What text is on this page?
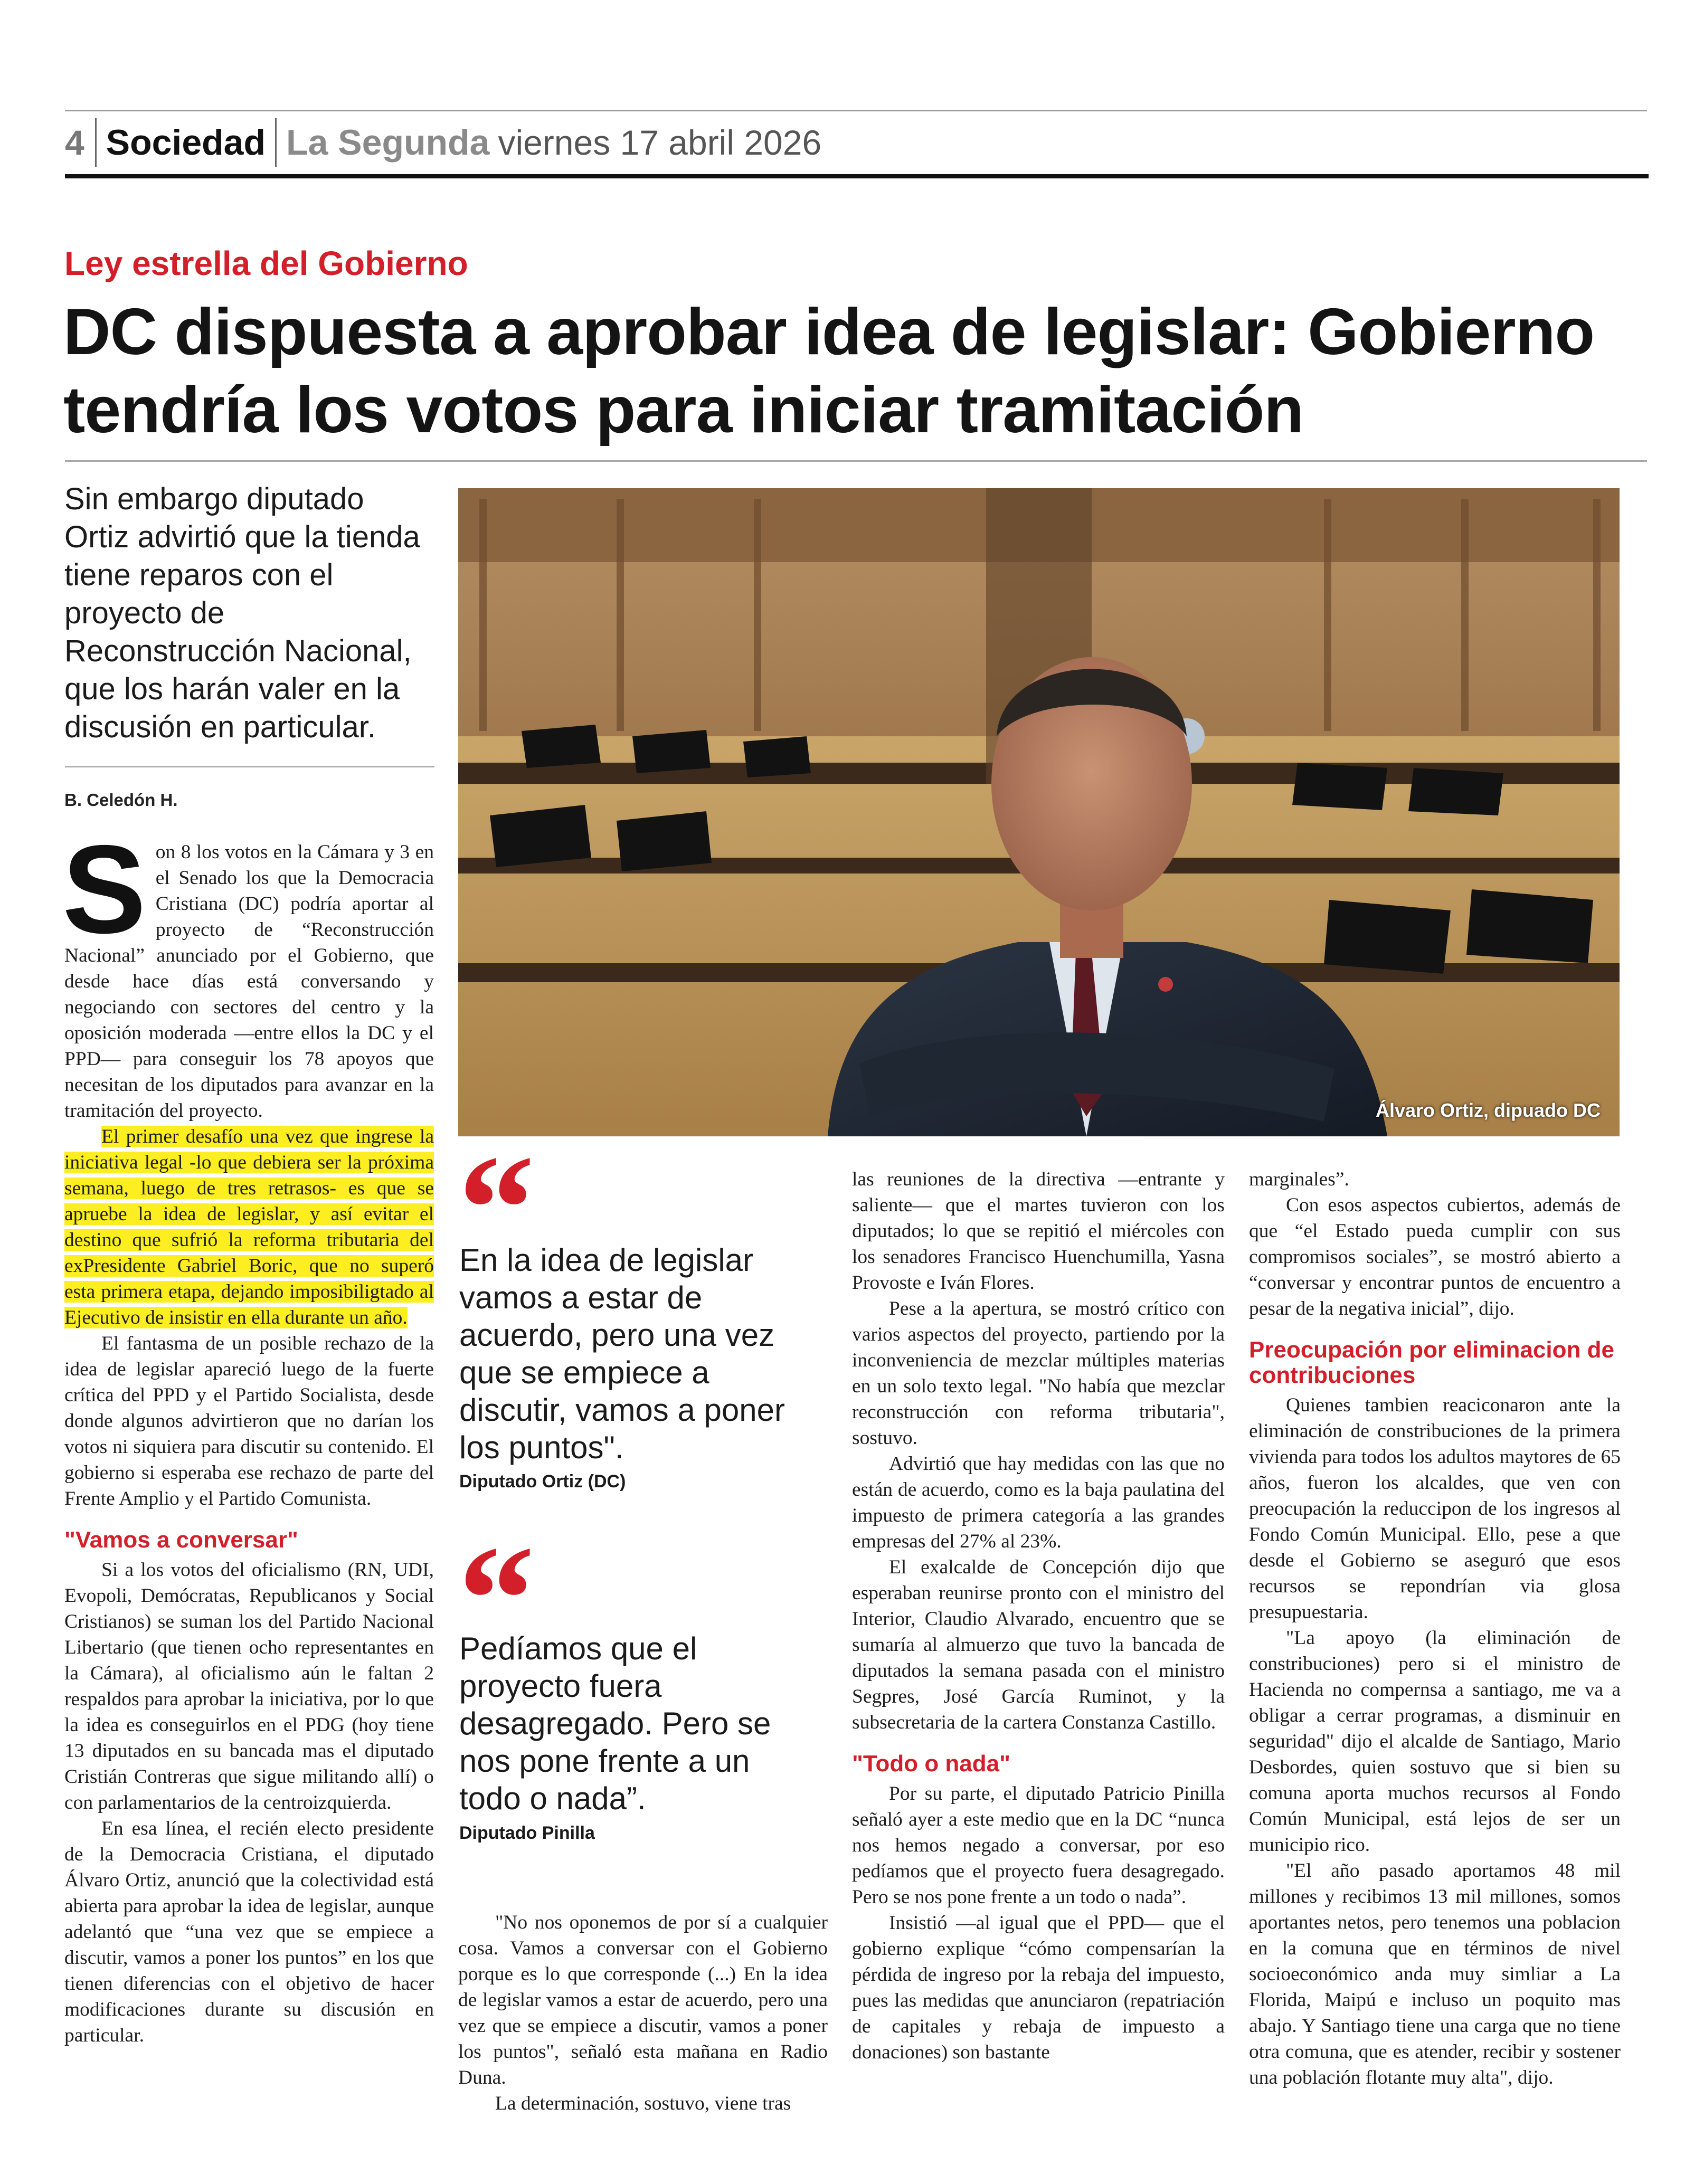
4 Sociedad La Segunda viernes 17 abril 2026
Ley estrella del Gobierno
DC dispuesta a aprobar idea de legislar: Gobierno tendría los votos para iniciar tramitación

Sin embargo diputado Ortiz advirtió que la tienda tiene reparos con el proyecto de Reconstrucción Nacional, que los harán valer en la discusión en particular.

B. Celedón H.
Álvaro Ortiz, dipuado DC
S on 8 los votos en la Cámara y 3 en el Senado los que la Democracia Cristiana (DC) podría aportar al proyecto de “Reconstrucción Nacional” anunciado por el Gobierno, que desde hace días está conversando y negociando con sectores del centro y la oposición moderada —entre ellos la DC y el PPD— para conseguir los 78 apoyos que necesitan de los diputados para avanzar en la tramitación del proyecto.

El primer desafío una vez que ingrese la iniciativa legal -lo que debiera ser la próxima semana, luego de tres retrasos- es que se apruebe la idea de legislar, y así evitar el destino que sufrió la reforma tributaria del exPresidente Gabriel Boric, que no superó esta primera etapa, dejando imposibiligtado al Ejecutivo de insistir en ella durante un año.

El fantasma de un posible rechazo de la idea de legislar apareció luego de la fuerte crítica del PPD y el Partido Socialista, desde donde algunos advirtieron que no darían los votos ni siquiera para discutir su contenido. El gobierno si esperaba ese rechazo de parte del Frente Amplio y el Partido Comunista.

"Vamos a conversar"

Si a los votos del oficialismo (RN, UDI, Evopoli, Demócratas, Republicanos y Social Cristianos) se suman los del Partido Nacional Libertario (que tienen ocho representantes en la Cámara), al oficialismo aún le faltan 2 respaldos para aprobar la iniciativa, por lo que la idea es conseguirlos en el PDG (hoy tiene 13 diputados en su bancada mas el diputado Cristián Contreras que sigue militando allí) o con parlamentarios de la centroizquierda.

En esa línea, el recién electo presidente de la Democracia Cristiana, el diputado Álvaro Ortiz, anunció que la colectividad está abierta para aprobar la idea de legislar, aunque adelantó que “una vez que se empiece a discutir, vamos a poner los puntos” en los que tienen diferencias con el objetivo de hacer modificaciones durante su discusión en particular.

En la idea de legislar vamos a estar de acuerdo, pero una vez que se empiece a discutir, vamos a poner los puntos".

Diputado Ortiz (DC)

Pedíamos que el proyecto fuera desagregado. Pero se nos pone frente a un todo o nada”.

Diputado Pinilla

"No nos oponemos de por sí a cualquier cosa. Vamos a conversar con el Gobierno porque es lo que corresponde (...) En la idea de legislar vamos a estar de acuerdo, pero una vez que se empiece a discutir, vamos a poner los puntos", señaló esta mañana en Radio Duna.

La determinación, sostuvo, viene tras

las reuniones de la directiva —entrante y saliente— que el martes tuvieron con los diputados; lo que se repitió el miércoles con los senadores Francisco Huenchumilla, Yasna Provoste e Iván Flores.

Pese a la apertura, se mostró crítico con varios aspectos del proyecto, partiendo por la inconveniencia de mezclar múltiples materias en un solo texto legal. "No había que mezclar reconstrucción con reforma tributaria", sostuvo.

Advirtió que hay medidas con las que no están de acuerdo, como es la baja paulatina del impuesto de primera categoría a las grandes empresas del 27% al 23%.

El exalcalde de Concepción dijo que esperaban reunirse pronto con el ministro del Interior, Claudio Alvarado, encuentro que se sumaría al almuerzo que tuvo la bancada de diputados la semana pasada con el ministro Segpres, José García Ruminot, y la subsecretaria de la cartera Constanza Castillo.

"Todo o nada"

Por su parte, el diputado Patricio Pinilla señaló ayer a este medio que en la DC “nunca nos hemos negado a conversar, por eso pedíamos que el proyecto fuera desagregado. Pero se nos pone frente a un todo o nada”.

Insistió —al igual que el PPD— que el gobierno explique “cómo compensarían la pérdida de ingreso por la rebaja del impuesto, pues las medidas que anunciaron (repatriación de capitales y rebaja de impuesto a donaciones) son bastante

marginales”.

Con esos aspectos cubiertos, además de que “el Estado pueda cumplir con sus compromisos sociales”, se mostró abierto a “conversar y encontrar puntos de encuentro a pesar de la negativa inicial”, dijo.

Preocupación por eliminacion de contribuciones

Quienes tambien reaciconaron ante la eliminación de constribuciones de la primera vivienda para todos los adultos maytores de 65 años, fueron los alcaldes, que ven con preocupación la reduccipon de los ingresos al Fondo Común Municipal. Ello, pese a que desde el Gobierno se aseguró que esos recursos se repondrían via glosa presupuestaria.

"La apoyo (la eliminación de constribuciones) pero si el ministro de Hacienda no compernsa a santiago, me va a obligar a cerrar programas, a disminuir en seguridad" dijo el alcalde de Santiago, Mario Desbordes, quien sostuvo que si bien su comuna aporta muchos recursos al Fondo Común Municipal, está lejos de ser un municipio rico.

"El año pasado aportamos 48 mil millones y recibimos 13 mil millones, somos aportantes netos, pero tenemos una poblacion en la comuna que en términos de nivel socioeconómico anda muy simliar a La Florida, Maipú e incluso un poquito mas abajo. Y Santiago tiene una carga que no tiene otra comuna, que es atender, recibir y sostener una población flotante muy alta", dijo.
